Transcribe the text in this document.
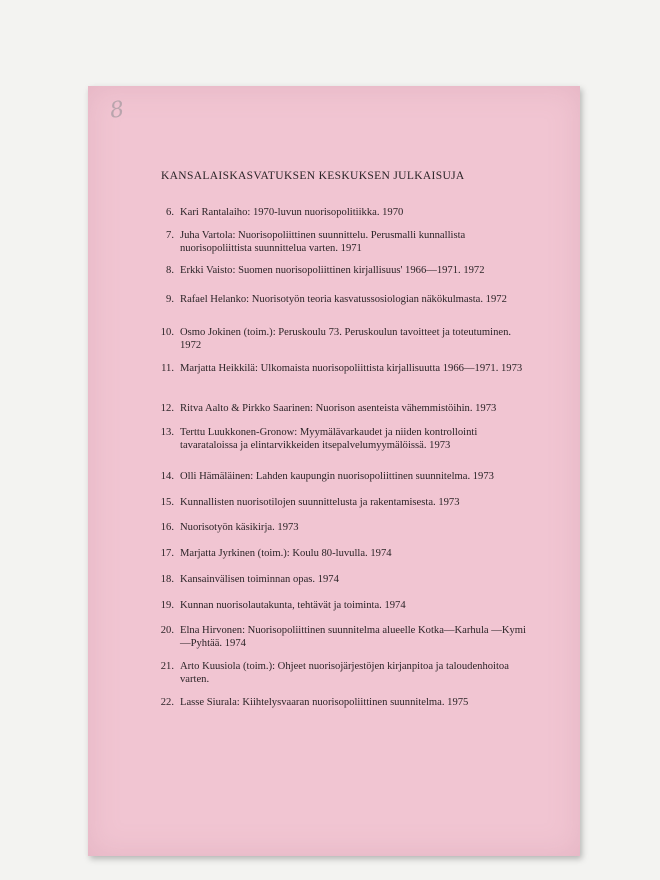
8
KANSALAISKASVATUKSEN KESKUKSEN JULKAISUJA
6. Kari Rantalaiho: 1970-luvun nuorisopolitiikka. 1970
7. Juha Vartola: Nuorisopoliittinen suunnittelu. Perusmalli kunnallista nuorisopoliittista suunnittelua varten. 1971
8. Erkki Vaisto: Suomen nuorisopoliittinen kirjallisuus' 1966—1971. 1972
9. Rafael Helanko: Nuorisotyön teoria kasvatussosiologian näkökulmasta. 1972
10. Osmo Jokinen (toim.): Peruskoulu 73. Peruskoulun tavoitteet ja toteutuminen. 1972
11. Marjatta Heikkilä: Ulkomaista nuorisopoliittista kirjallisuutta 1966—1971. 1973
12. Ritva Aalto & Pirkko Saarinen: Nuorison asenteista vähemmistöihin. 1973
13. Terttu Luukkonen-Gronow: Myymälävarkaudet ja niiden kontrollointi tavarataloissa ja elintarvikkeiden itsepalvelumyymälöissä. 1973
14. Olli Hämäläinen: Lahden kaupungin nuorisopoliittinen suunnitelma. 1973
15. Kunnallisten nuorisotilojen suunnittelusta ja rakentamisesta. 1973
16. Nuorisotyön käsikirja. 1973
17. Marjatta Jyrkinen (toim.): Koulu 80-luvulla. 1974
18. Kansainvälisen toiminnan opas. 1974
19. Kunnan nuorisolautakunta, tehtävät ja toiminta. 1974
20. Elna Hirvonen: Nuorisopoliittinen suunnitelma alueelle Kotka—Karhula —Kymi—Pyhtää. 1974
21. Arto Kuusiola (toim.): Ohjeet nuorisojärjestöjen kirjanpitoa ja taloudenhoitoa varten.
22. Lasse Siurala: Kiihtelysvaaran nuorisopoliittinen suunnitelma. 1975
